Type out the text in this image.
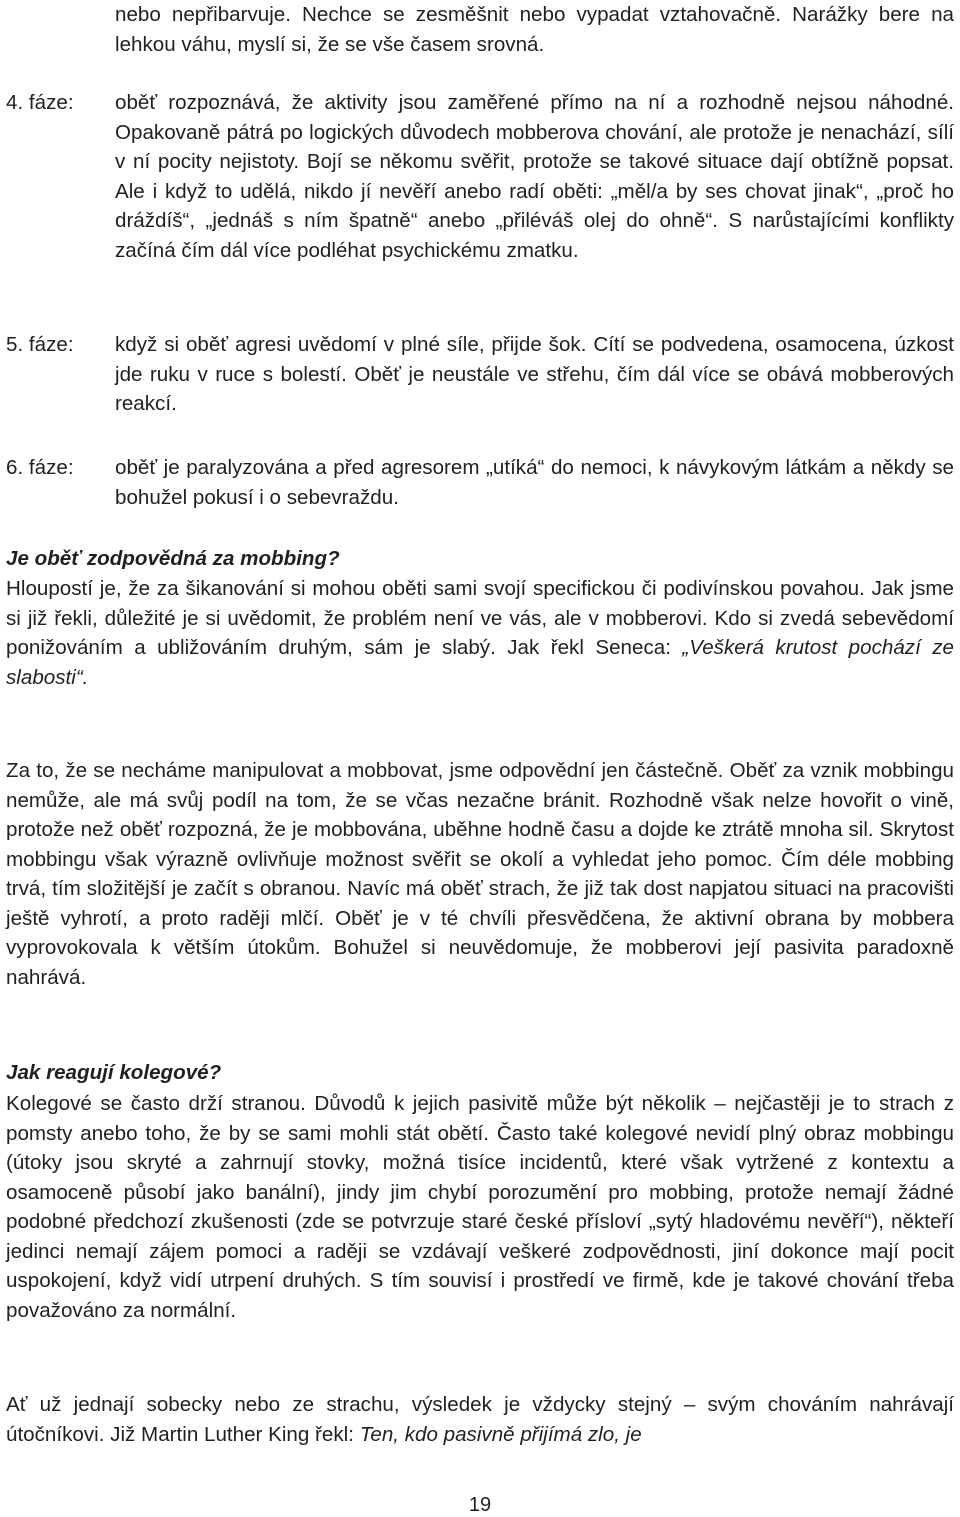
nebo nepřibarvuje. Nechce se zesměšnit nebo vypadat vztahovačně. Narážky bere na lehkou váhu, myslí si, že se vše časem srovná.
4. fáze:	oběť rozpoznává, že aktivity jsou zaměřené přímo na ní a rozhodně nejsou náhodné. Opakovaně pátrá po logických důvodech mobberova chování, ale protože je nenachází, sílí v ní pocity nejistoty. Bojí se někomu svěřit, protože se takové situace dají obtížně popsat. Ale i když to udělá, nikdo jí nevěří anebo radí oběti: „měl/a by ses chovat jinak“, „proč ho dráždíš“, „jednáš s ním špatně“ anebo „přiléváš olej do ohně“. S narůstajícími konflikty začíná čím dál více podléhat psychickému zmatku.
5. fáze:	když si oběť agresi uvědomí v plné síle, přijde šok. Cítí se podvedena, osamocena, úzkost jde ruku v ruce s bolestí. Oběť je neustále ve střehu, čím dál více se obává mobberových reakcí.
6. fáze:	oběť je paralyzována a před agresorem „utíká“ do nemoci, k návykovým látkám a někdy se bohužel pokusí i o sebevraždu.
Je oběť zodpovědná za mobbing?
Hloupostí je, že za šikanování si mohou oběti sami svojí specifickou či podivínskou povahou. Jak jsme si již řekli, důležité je si uvědomit, že problém není ve vás, ale v mobberovi. Kdo si zvedá sebevědomí ponižováním a ubližováním druhým, sám je slabý. Jak řekl Seneca: „Veškerá krutost pochází ze slabosti“.
Za to, že se necháme manipulovat a mobbovat, jsme odpovědní jen částečně. Oběť za vznik mobbingu nemůže, ale má svůj podíl na tom, že se včas nezačne bránit. Rozhodně však nelze hovořit o vině, protože než oběť rozpozná, že je mobbována, uběhne hodně času a dojde ke ztrátě mnoha sil. Skrytost mobbingu však výrazně ovlivňuje možnost svěřit se okolí a vyhledat jeho pomoc. Čím déle mobbing trvá, tím složitější je začít s obranou. Navíc má oběť strach, že již tak dost napjatou situaci na pracovišti ještě vyhrotí, a proto raději mlčí. Oběť je v té chvíli přesvědčena, že aktivní obrana by mobbera vyprovokovala k větším útokům. Bohužel si neuvědomuje, že mobberovi její pasivita paradoxně nahrává.
Jak reagují kolegové?
Kolegové se často drží stranou. Důvodů k jejich pasivitě může být několik – nejčastěji je to strach z pomsty anebo toho, že by se sami mohli stát obětí. Často také kolegové nevidí plný obraz mobbingu (útoky jsou skryté a zahrnují stovky, možná tisíce incidentů, které však vytržené z kontextu a osamoceně působí jako banální), jindy jim chybí porozumění pro mobbing, protože nemají žádné podobné předchozí zkušenosti (zde se potvrzuje staré české přísloví „sytý hladovému nevěří“), někteří jedinci nemají zájem pomoci a raději se vzdávají veškeré zodpovědnosti, jiní dokonce mají pocit uspokojení, když vidí utrpení druhých. S tím souvisí i prostředí ve firmě, kde je takové chování třeba považováno za normální.
Ať už jednají sobecky nebo ze strachu, výsledek je vždycky stejný – svým chováním nahrávají útočníkovi. Již Martin Luther King řekl: Ten, kdo pasivně přijímá zlo, je
19
